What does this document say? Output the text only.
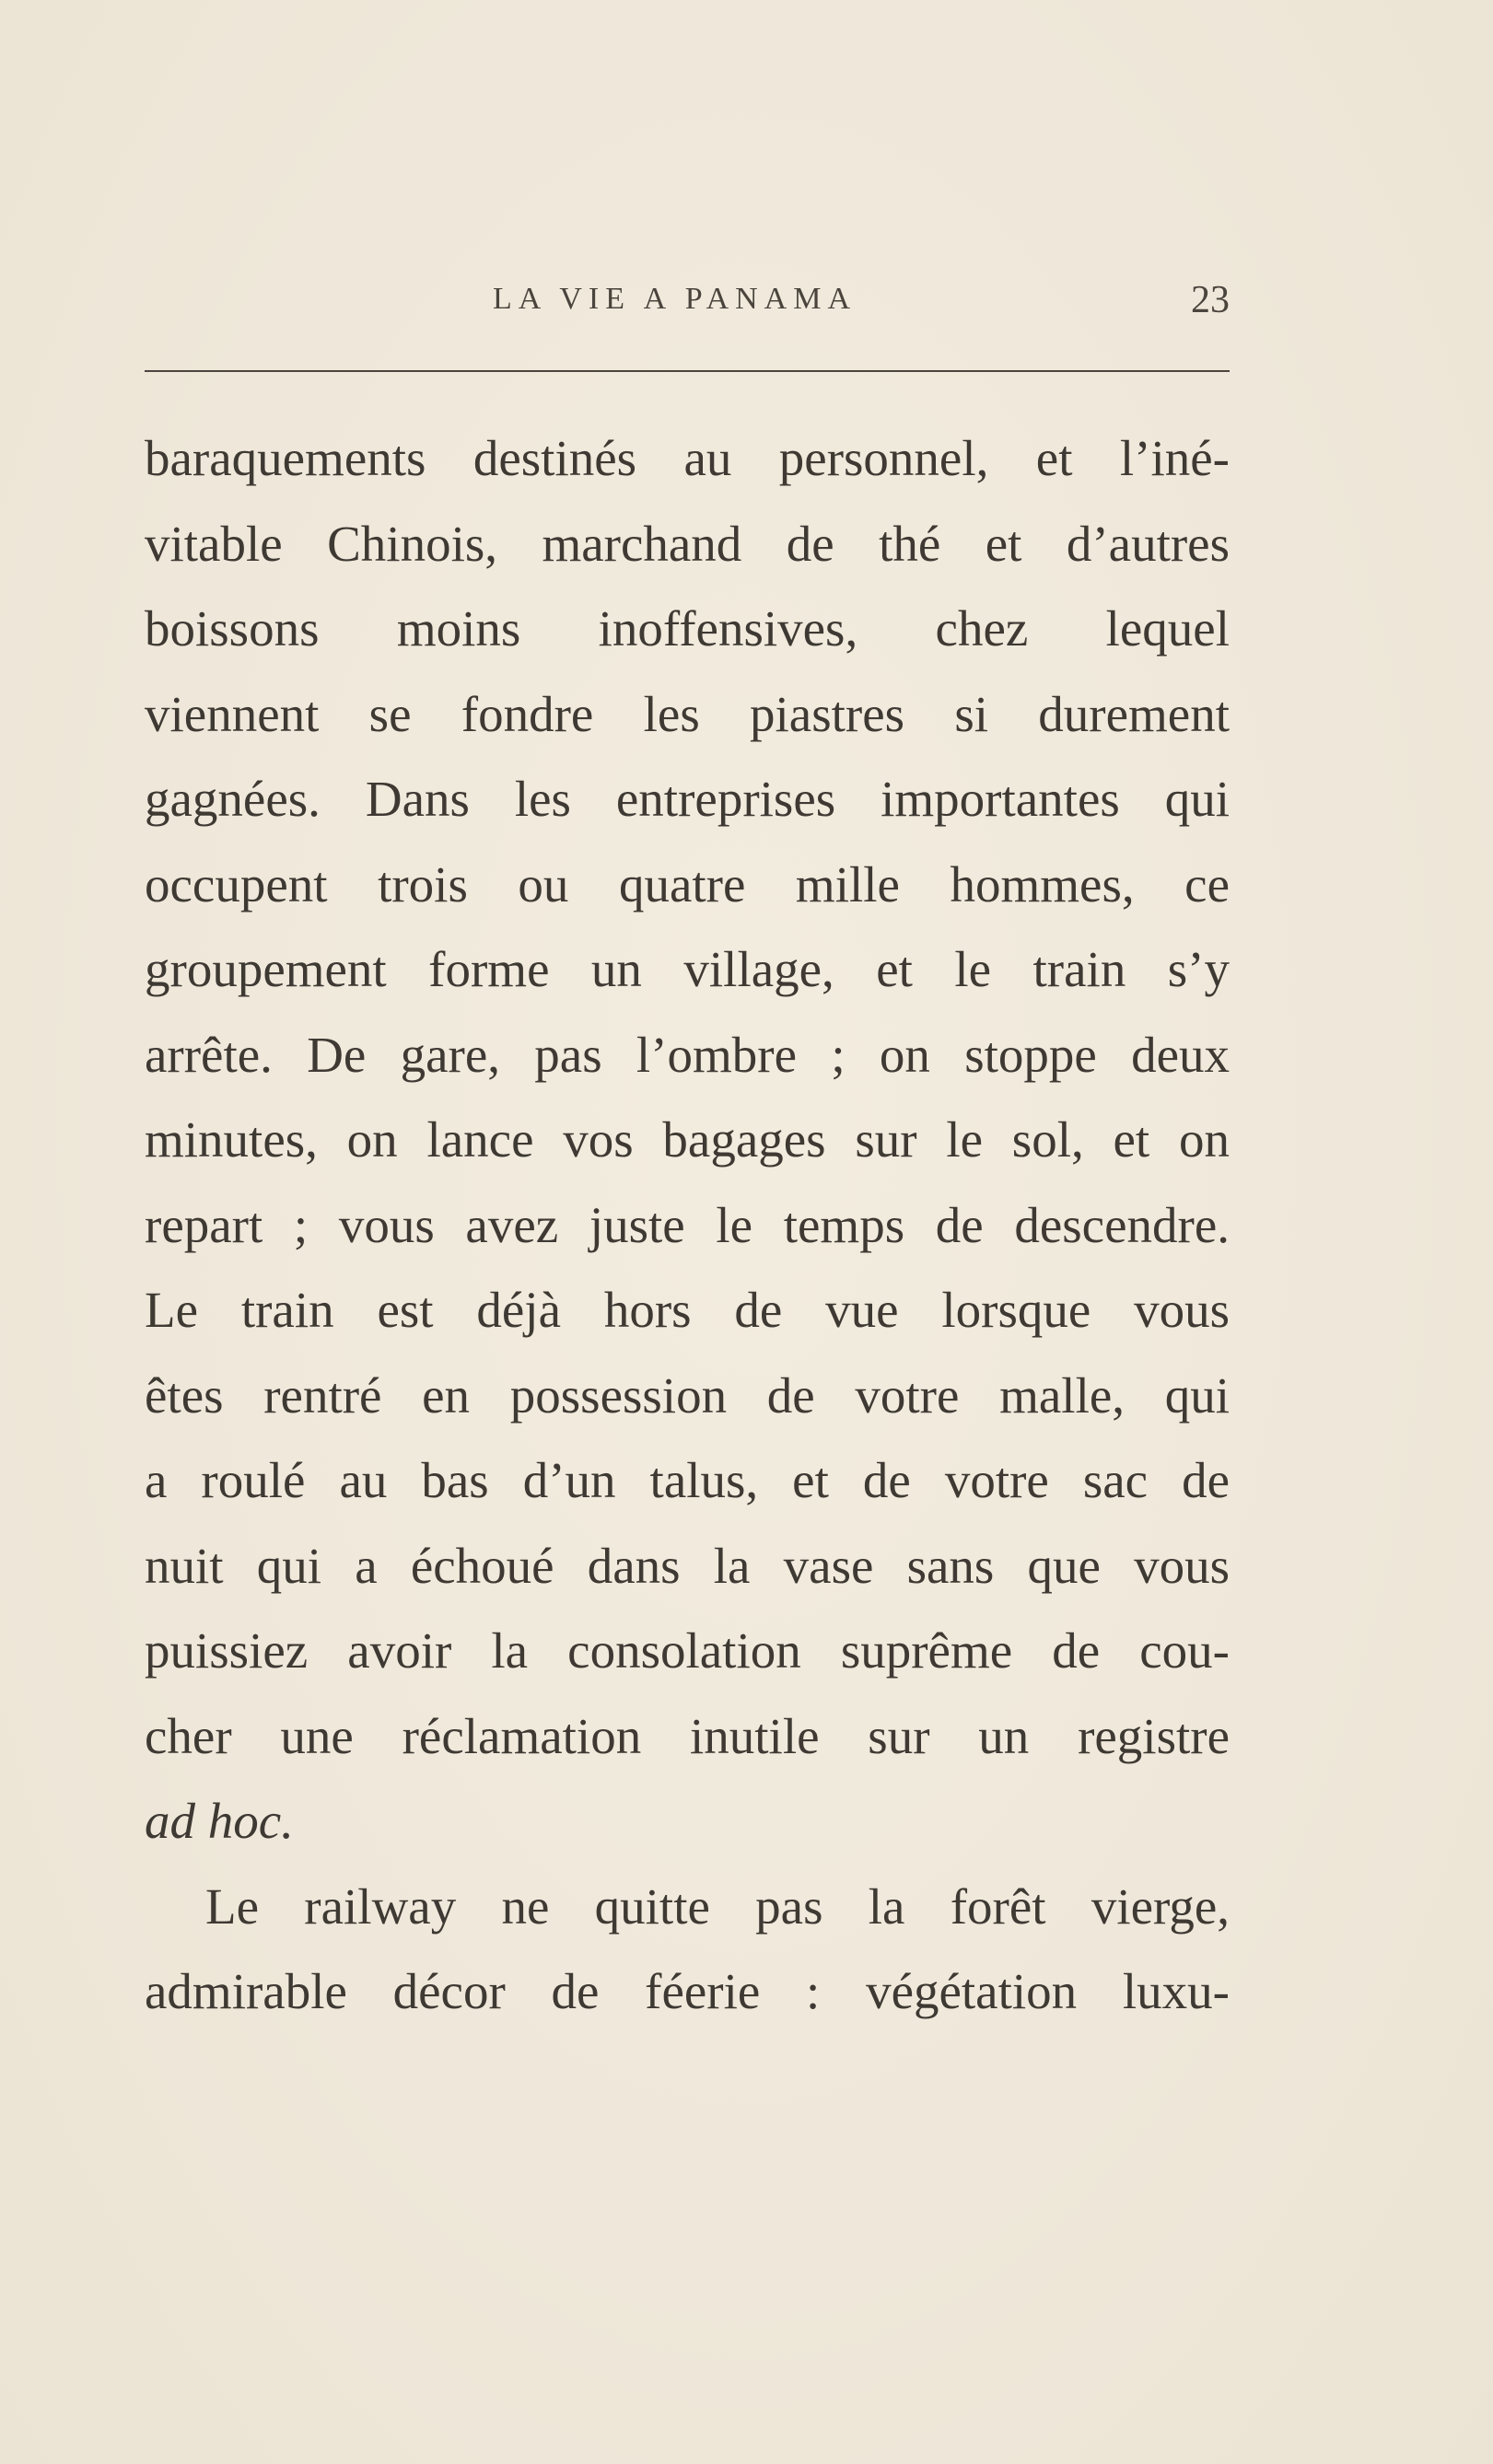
LA VIE A PANAMA	23
baraquements destinés au personnel, et l’iné-
vitable Chinois, marchand de thé et d’autres
boissons moins inoffensives, chez lequel
viennent se fondre les piastres si durement
gagnées. Dans les entreprises importantes qui
occupent trois ou quatre mille hommes, ce
groupement forme un village, et le train s’y
arrête. De gare, pas l’ombre ; on stoppe deux
minutes, on lance vos bagages sur le sol, et on
repart ; vous avez juste le temps de descendre.
Le train est déjà hors de vue lorsque vous
êtes rentré en possession de votre malle, qui
a roulé au bas d’un talus, et de votre sac de
nuit qui a échoué dans la vase sans que vous
puissiez avoir la consolation suprême de cou-
cher une réclamation inutile sur un registre
ad hoc.
Le railway ne quitte pas la forêt vierge,
admirable décor de féerie : végétation luxu-
